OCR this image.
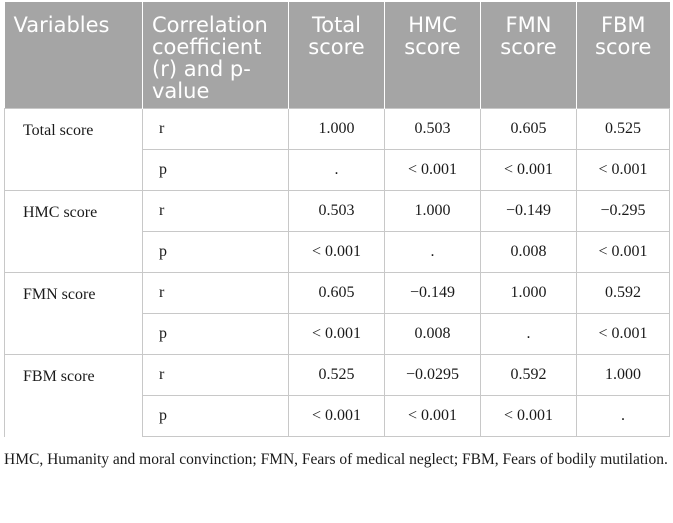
Variables	Correlation coefficient (r) and p-value	Total score	HMC score	FMN score	FBM score
Total score	r	1.000	0.503	0.605	0.525
	p	.	< 0.001	< 0.001	< 0.001
HMC score	r	0.503	1.000	−0.149	−0.295
	p	< 0.001	.	0.008	< 0.001
FMN score	r	0.605	−0.149	1.000	0.592
	p	< 0.001	0.008	.	< 0.001
FBM score	r	0.525	−0.0295	0.592	1.000
	p	< 0.001	< 0.001	< 0.001	.

HMC, Humanity and moral convinction; FMN, Fears of medical neglect; FBM, Fears of bodily mutilation.
